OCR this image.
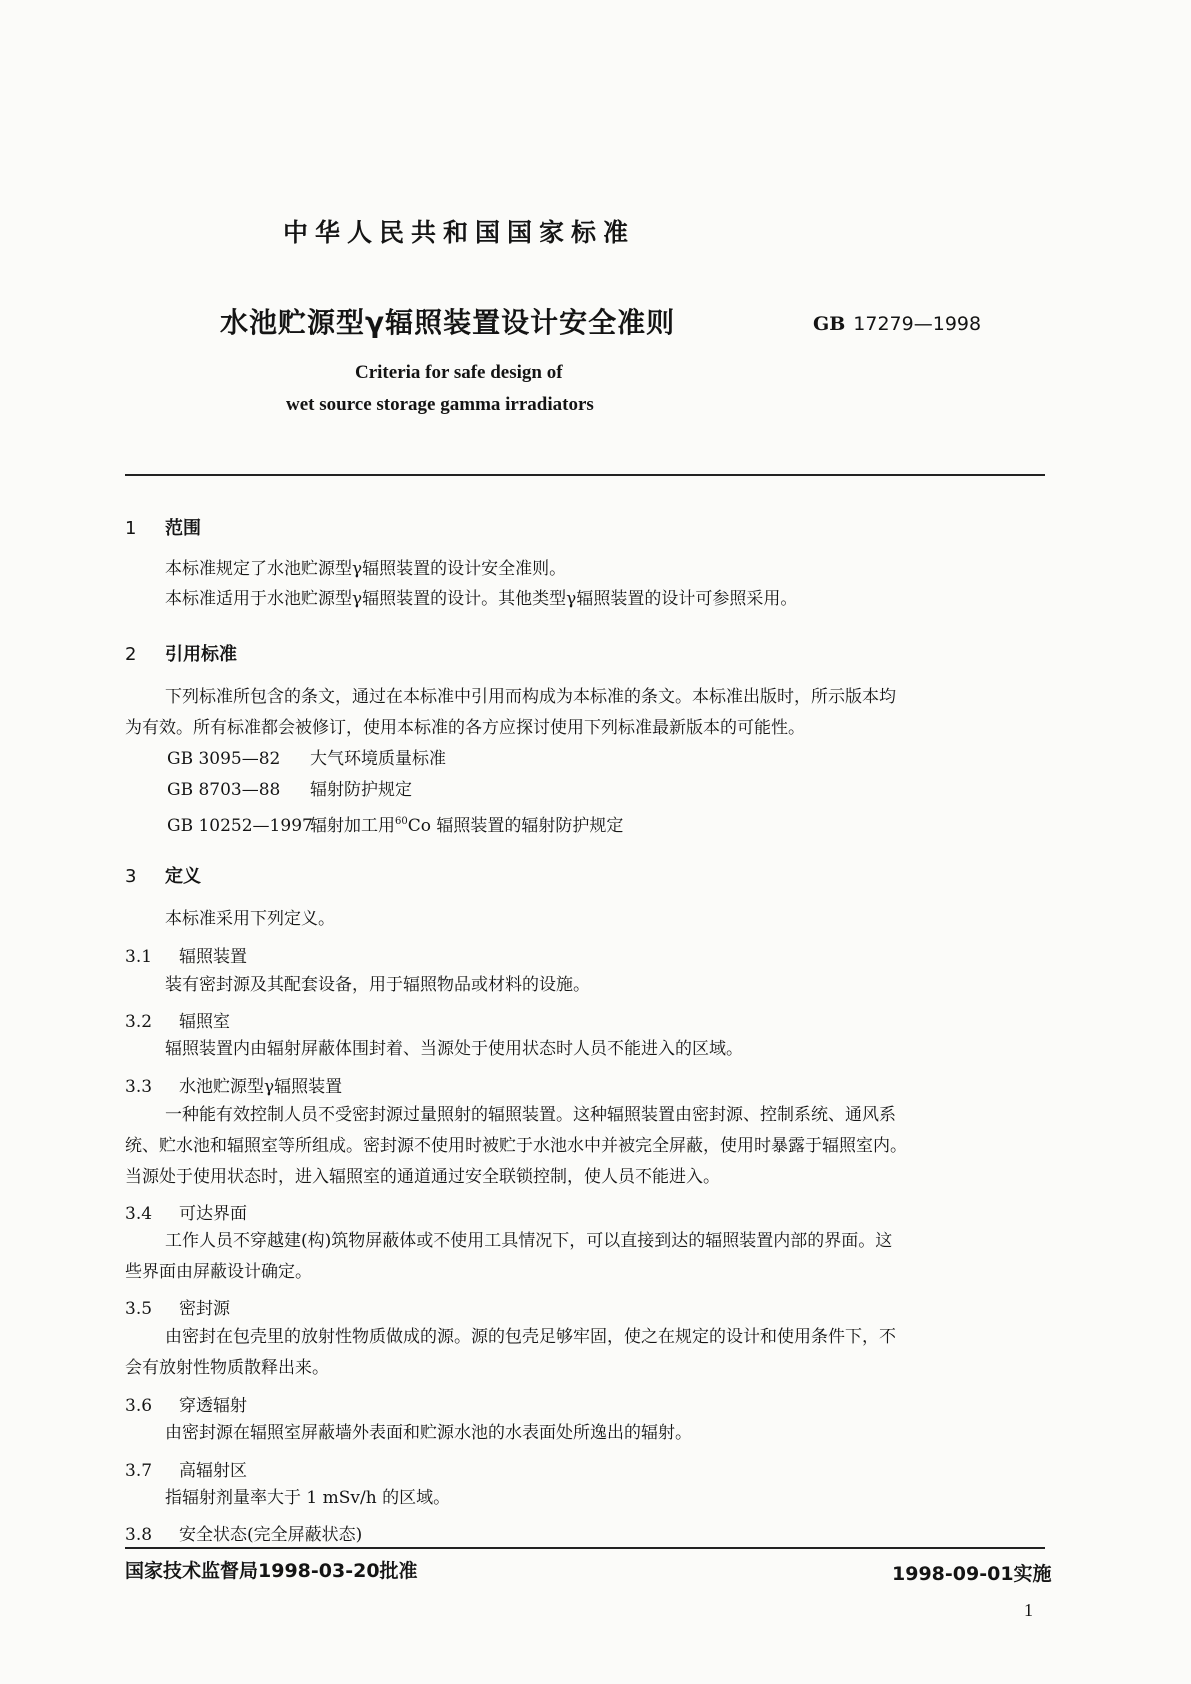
中华人民共和国国家标准
水池贮源型γ辐照装置设计安全准则	GB 17279—1998
Criteria for safe design of
wet source storage gamma irradiators
1 范围
本标准规定了水池贮源型γ辐照装置的设计安全准则。
本标准适用于水池贮源型γ辐照装置的设计。其他类型γ辐照装置的设计可参照采用。
2 引用标准
下列标准所包含的条文，通过在本标准中引用而构成为本标准的条文。本标准出版时，所示版本均
为有效。所有标准都会被修订，使用本标准的各方应探讨使用下列标准最新版本的可能性。
GB 3095—82 大气环境质量标准
GB 8703—88 辐射防护规定
GB 10252—1997辐射加工用$^{60}$Co 辐照装置的辐射防护规定
3 定义
本标准采用下列定义。
3.1 辐照装置
装有密封源及其配套设备，用于辐照物品或材料的设施。
3.2 辐照室
辐照装置内由辐射屏蔽体围封着、当源处于使用状态时人员不能进入的区域。
3.3 水池贮源型γ辐照装置
一种能有效控制人员不受密封源过量照射的辐照装置。这种辐照装置由密封源、控制系统、通风系
统、贮水池和辐照室等所组成。密封源不使用时被贮于水池水中并被完全屏蔽，使用时暴露于辐照室内。
当源处于使用状态时，进入辐照室的通道通过安全联锁控制，使人员不能进入。
3.4 可达界面
工作人员不穿越建(构)筑物屏蔽体或不使用工具情况下，可以直接到达的辐照装置内部的界面。这
些界面由屏蔽设计确定。
3.5 密封源
由密封在包壳里的放射性物质做成的源。源的包壳足够牢固，使之在规定的设计和使用条件下，不
会有放射性物质散释出来。
3.6 穿透辐射
由密封源在辐照室屏蔽墙外表面和贮源水池的水表面处所逸出的辐射。
3.7 高辐射区
指辐射剂量率大于 1 mSv/h 的区域。
3.8 安全状态(完全屏蔽状态)
国家技术监督局1998-03-20批准	1998-09-01实施
1
